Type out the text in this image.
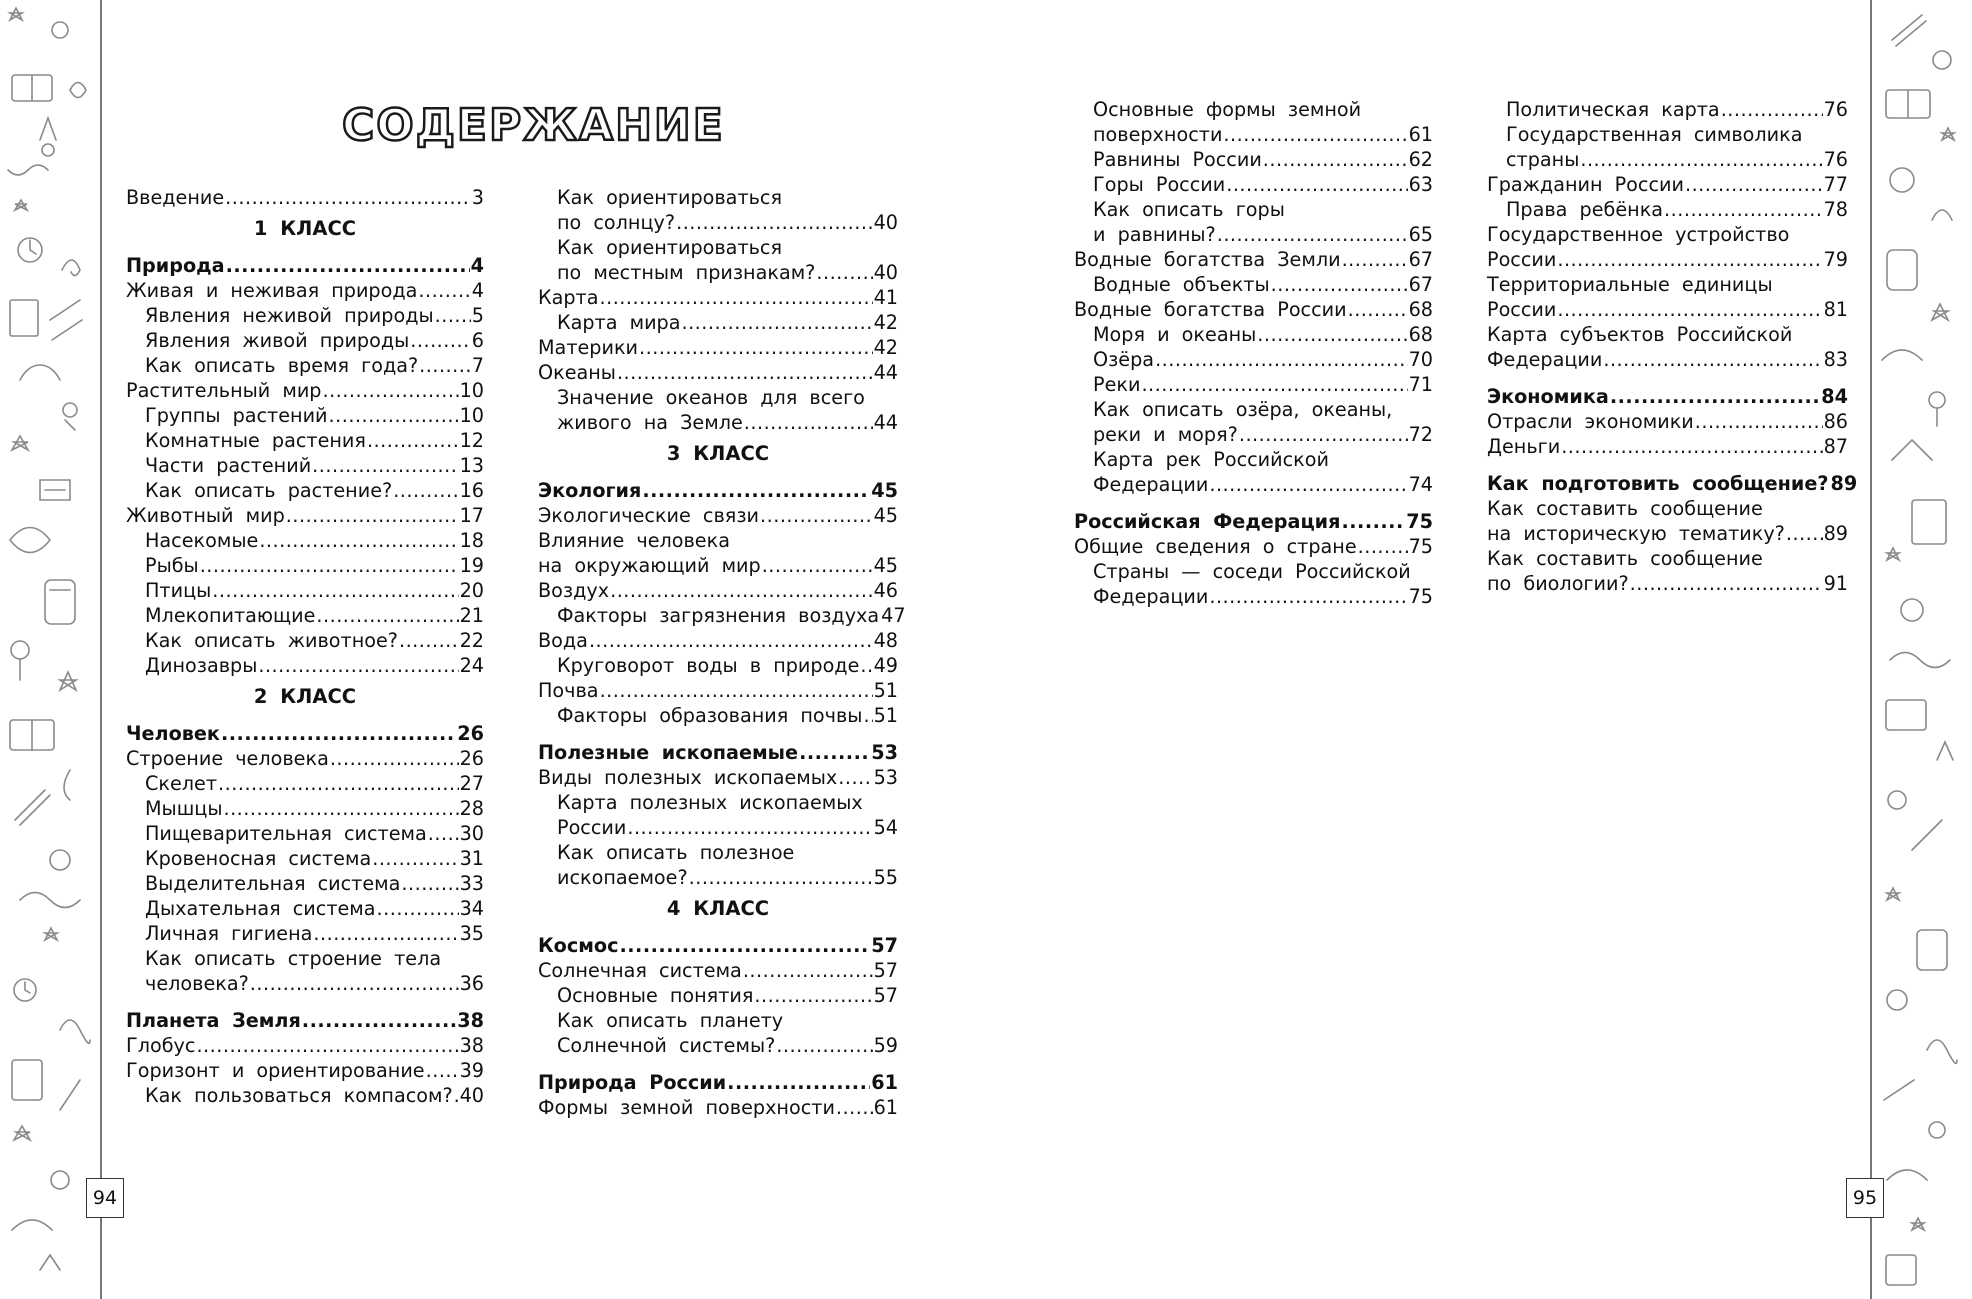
94	95
СОДЕРЖАНИЕ
Введение .....	3
1 КЛАСС
Природа .....	4
Живая и неживая природа .....	4
Явления неживой природы ..... 5
Явления живой природы .....	6
Как описать время года? .....	7
Растительный мир .....	10
Группы растений .....	10
Комнатные растения .....	12
Части растений .....	13
Как описать растение? .....	16
Животный мир .....	17
Насекомые .....	18
Рыбы .....	19
Птицы .....	20
Млекопитающие .....	21
Как описать животное? .....	22
Динозавры .....	24
2 КЛАСС
Человек .....	26
Строение человека .....	26
Скелет .....	27
Мышцы .....	28
Пищеварительная система ..... 30
Кровеносная система .....	31
Выделительная система .....	33
Дыхательная система .....	34
Личная гигиена .....	35
Как описать строение тела
человека? .....	36
Планета Земля .....	38
Глобус .....	38
Горизонт и ориентирование ..... 39
Как пользоваться компасом? ..... 40
Как ориентироваться
по солнцу? .....	40
Как ориентироваться
по местным признакам? .....	40
Карта .....	41
Карта мира .....	42
Материки .....	42
Океаны .....	44
Значение океанов для всего
живого на Земле .....	44
3 КЛАСС
Экология .....	45
Экологические связи .....	45
Влияние человека
на окружающий мир .....	45
Воздух .....	46
Факторы загрязнения воздуха 47
Вода .....	48
Круговорот воды в природе ..... 49
Почва .....	51
Факторы образования почвы ..... 51
Полезные ископаемые .....	53
Виды полезных ископаемых ..... 53
Карта полезных ископаемых
России .....	54
Как описать полезное
ископаемое? .....	55
4 КЛАСС
Космос .....	57
Солнечная система .....	57
Основные понятия .....	57
Как описать планету
Солнечной системы? .....	59
Природа России .....	61
Формы земной поверхности ..... 61
Основные формы земной
поверхности .....	61
Равнины России .....	62
Горы России .....	63
Как описать горы
и равнины? .....	65
Водные богатства Земли .....	67
Водные объекты .....	67
Водные богатства России .....	68
Моря и океаны .....	68
Озёра .....	70
Реки .....	71
Как описать озёра, океаны,
реки и моря? .....	72
Карта рек Российской
Федерации .....	74
Российская Федерация .....	75
Общие сведения о стране .....	75
Страны — соседи Российской
Федерации .....	75
Политическая карта .....	76
Государственная символика
страны .....	76
Гражданин России .....	77
Права ребёнка .....	78
Государственное устройство
России .....	79
Территориальные единицы
России .....	81
Карта субъектов Российской
Федерации .....	83
Экономика .....	84
Отрасли экономики .....	86
Деньги .....	87
Как подготовить сообщение? 89
Как составить сообщение
на историческую тематику? ..... 89
Как составить сообщение
по биологии? .....	91
